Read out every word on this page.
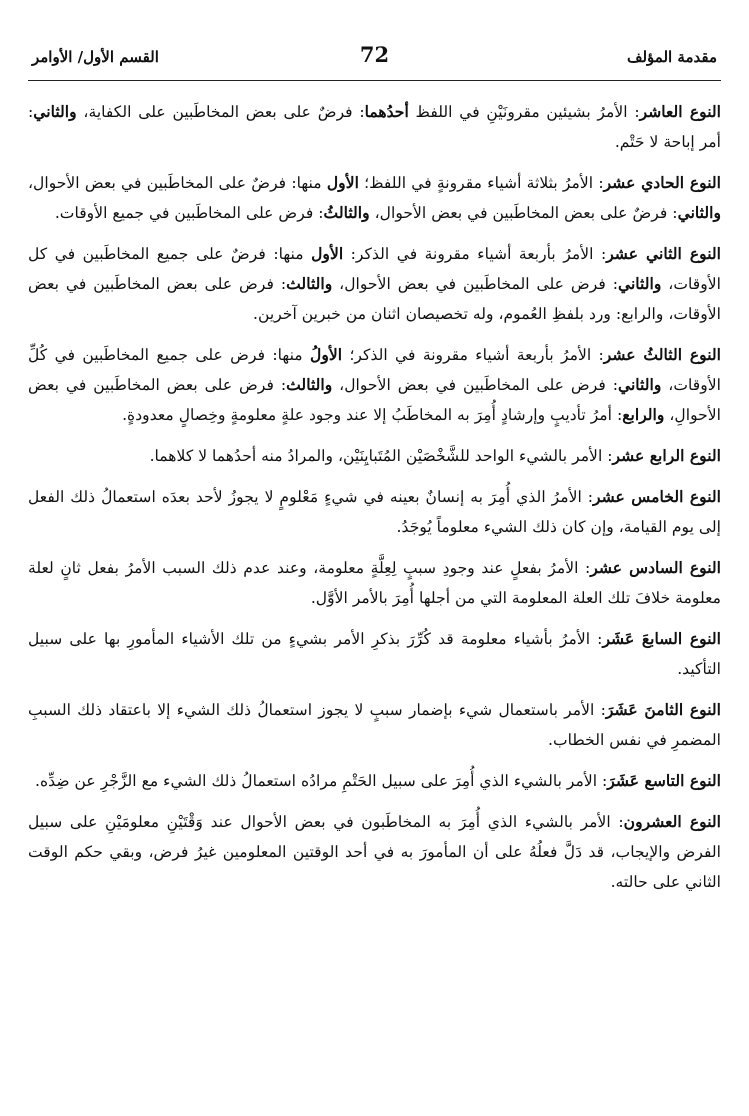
مقدمة المؤلف
72
القسم الأول/ الأوامر

النوع العاشر: الأمرُ بشيئين مقرونَيْنِ في اللفظ أحدُهما: فرضٌ على بعض المخاطَبين على الكفاية، والثاني: أمر إباحة لا حَتْم.

النوع الحادي عشر: الأمرُ بثلاثة أشياء مقرونةٍ في اللفظ؛ الأول منها: فرضٌ على المخاطَبين في بعض الأحوال، والثاني: فرضٌ على بعض المخاطَبين في بعض الأحوال، والثالثُ: فرض على المخاطَبين في جميع الأوقات.

النوع الثاني عشر: الأمرُ بأربعة أشياء مقرونة في الذكر: الأول منها: فرضٌ على جميع المخاطَبين في كل الأوقات، والثاني: فرض على المخاطَبين في بعض الأحوال، والثالث: فرض على بعض المخاطَبين في بعض الأوقات، والرابع: ورد بلفظِ العُموم، وله تخصيصان اثنان من خبرين آخرين.

النوع الثالثُ عشر: الأمرُ بأربعة أشياء مقرونة في الذكر؛ الأولُ منها: فرض على جميع المخاطَبين في كُلِّ الأوقات، والثاني: فرض على المخاطَبين في بعض الأحوال، والثالث: فرض على بعض المخاطَبين في بعض الأحوالِ، والرابع: أمرُ تأديبٍ وإرشادٍ أُمِرَ به المخاطَبُ إلا عند وجود علةٍ معلومةٍ وخِصالٍ معدودةٍ.

النوع الرابع عشر: الأمر بالشيء الواحد للشَّخْصَيْن المُتَبايِنَيْن، والمرادُ منه أحدُهما لا كلاهما.

النوع الخامس عشر: الأمرُ الذي أُمِرَ به إنسانٌ بعينه في شيءٍ مَعْلومٍ لا يجوزُ لأحد بعدَه استعمالُ ذلك الفعل إلى يوم القيامة، وإن كان ذلك الشيء معلوماً يُوجَدُ.

النوع السادس عشر: الأمرُ بفعلٍ عند وجودِ سببٍ لِعِلَّةٍ معلومة، وعند عدم ذلك السبب الأمرُ بفعل ثانٍ لعلة معلومة خلافَ تلك العلة المعلومة التي من أجلها أُمِرَ بالأمر الأوَّل.

النوع السابعَ عَشَر: الأمرُ بأشياء معلومة قد كُرِّرَ بذكرِ الأمر بشيءٍ من تلك الأشياء المأمورِ بها على سبيل التأكيد.

النوع الثامنَ عَشَرَ: الأمر باستعمال شيء بإضمار سببٍ لا يجوز استعمالُ ذلك الشيء إلا باعتقاد ذلك السببِ المضمرِ في نفس الخطاب.

النوع التاسع عَشَرَ: الأمر بالشيء الذي أُمِرَ على سبيل الحَتْمِ مرادُه استعمالُ ذلك الشيء مع الزَّجْرِ عن ضِدِّه.

النوع العشرون: الأمر بالشيء الذي أُمِرَ به المخاطَبون في بعض الأحوال عند وَقْتَيْنِ معلومَيْنِ على سبيل الفرض والإيجاب، قد دَلَّ فعلُهُ على أن المأمورَ به في أحد الوقتين المعلومين غيرُ فرض، وبقي حكم الوقت الثاني على حالته.
